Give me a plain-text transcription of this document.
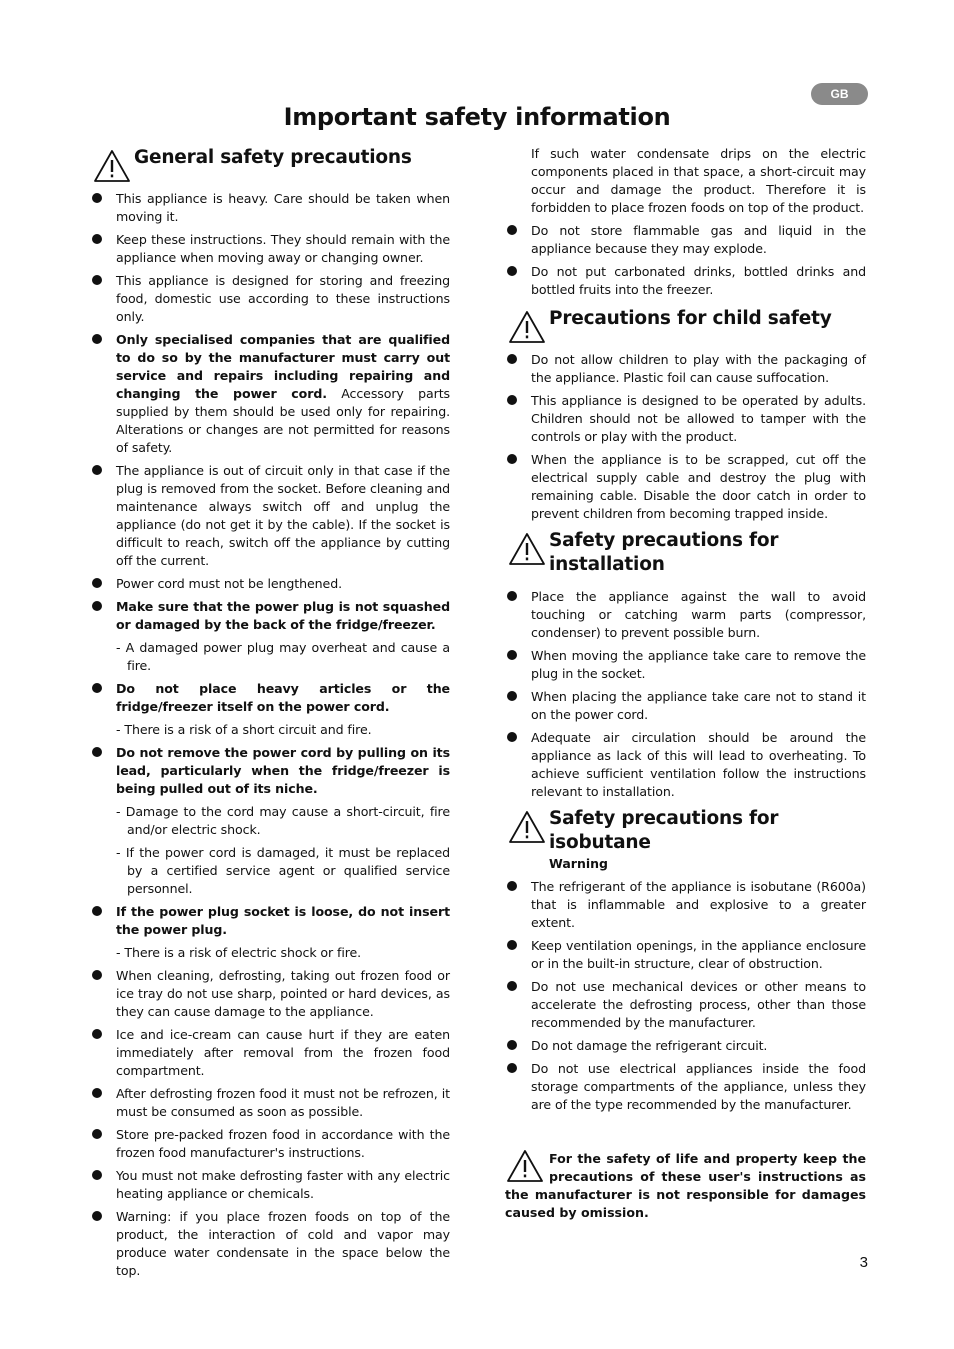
GB
Important safety information
General safety precautions
This appliance is heavy. Care should be taken when moving it.
Keep these instructions. They should remain with the appliance when moving away or changing owner.
This appliance is designed for storing and freezing food, domestic use according to these instructions only.
Only specialised companies that are qualified to do so by the manufacturer must carry out service and repairs including repairing and changing the power cord. Accessory parts supplied by them should be used only for repairing. Alterations or changes are not permitted for reasons of safety.
The appliance is out of circuit only in that case if the plug is removed from the socket. Before cleaning and maintenance always switch off and unplug the appliance (do not get it by the cable). If the socket is difficult to reach, switch off the appliance by cutting off the current.
Power cord must not be lengthened.
Make sure that the power plug is not squashed or damaged by the back of the fridge/freezer.
- A damaged power plug may overheat and cause a fire.
Do not place heavy articles or the fridge/freezer itself on the power cord.
- There is a risk of a short circuit and fire.
Do not remove the power cord by pulling on its lead, particularly when the fridge/freezer is being pulled out of its niche.
- Damage to the cord may cause a short-circuit, fire and/or electric shock.
- If the power cord is damaged, it must be replaced by a certified service agent or qualified service personnel.
If the power plug socket is loose, do not insert the power plug.
- There is a risk of electric shock or fire.
When cleaning, defrosting, taking out frozen food or ice tray do not use sharp, pointed or hard devices, as they can cause damage to the appliance.
Ice and ice-cream can cause hurt if they are eaten immediately after removal from the frozen food compartment.
After defrosting frozen food it must not be refrozen, it must be consumed as soon as possible.
Store pre-packed frozen food in accordance with the frozen food manufacturer's instructions.
You must not make defrosting faster with any electric heating appliance or chemicals.
Warning: if you place frozen foods on top of the product, the interaction of cold and vapor may produce water condensate in the space below the top.
If such water condensate drips on the electric components placed in that space, a short-circuit may occur and damage the product. Therefore it is forbidden to place frozen foods on top of the product.
Do not store flammable gas and liquid in the appliance because they may explode.
Do not put carbonated drinks, bottled drinks and bottled fruits into the freezer.
Precautions for child safety
Do not allow children to play with the packaging of the appliance. Plastic foil can cause suffocation.
This appliance is designed to be operated by adults. Children should not be allowed to tamper with the controls or play with the product.
When the appliance is to be scrapped, cut off the electrical supply cable and destroy the plug with remaining cable. Disable the door catch in order to prevent children from becoming trapped inside.
Safety precautions for installation
Place the appliance against the wall to avoid touching or catching warm parts (compressor, condenser) to prevent possible burn.
When moving the appliance take care to remove the plug in the socket.
When placing the appliance take care not to stand it on the power cord.
Adequate air circulation should be around the appliance as lack of this will lead to overheating. To achieve sufficient ventilation follow the instructions relevant to installation.
Safety precautions for isobutane
Warning
The refrigerant of the appliance is isobutane (R600a) that is inflammable and explosive to a greater extent.
Keep ventilation openings, in the appliance enclosure or in the built-in structure, clear of obstruction.
Do not use mechanical devices or other means to accelerate the defrosting process, other than those recommended by the manufacturer.
Do not damage the refrigerant circuit.
Do not use electrical appliances inside the food storage compartments of the appliance, unless they are of the type recommended by the manufacturer.
For the safety of life and property keep the precautions of these user's instructions as the manufacturer is not responsible for damages caused by omission.
3
